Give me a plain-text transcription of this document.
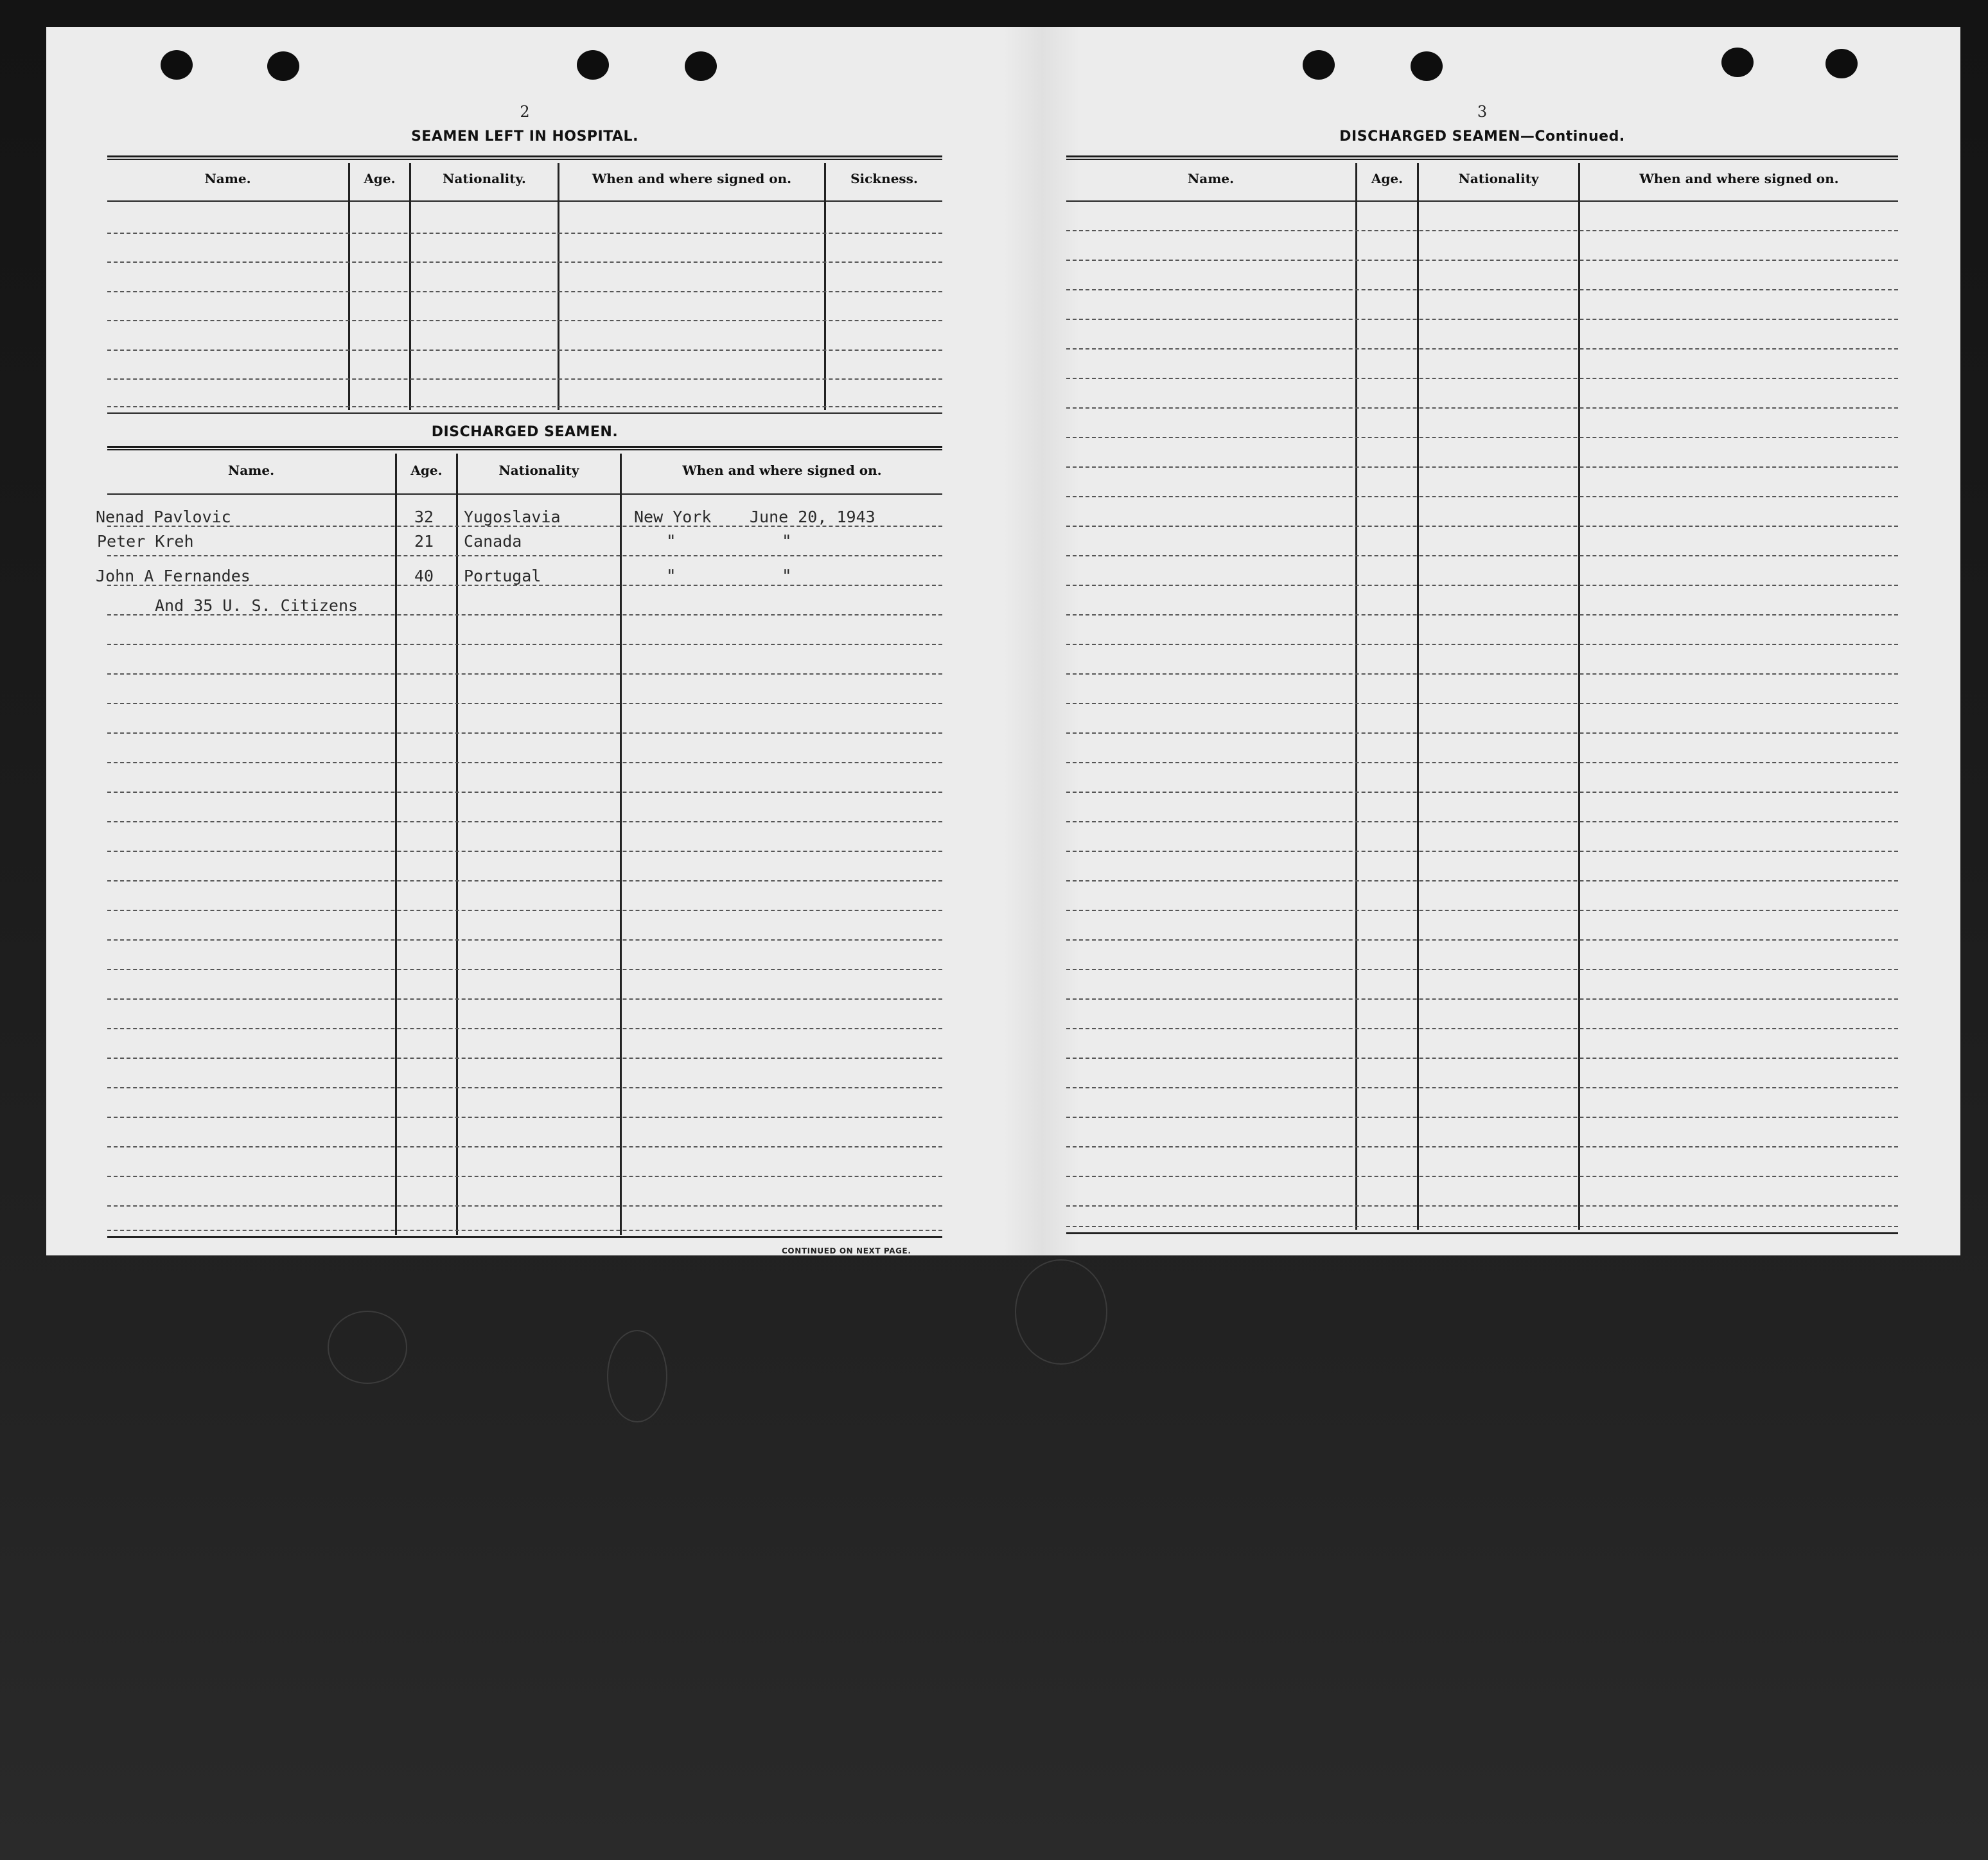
2
SEAMEN LEFT IN HOSPITAL.
Name.	Age.	Nationality.	When and where signed on.	Sickness.
DISCHARGED SEAMEN.
Name.	Age.	Nationality	When and where signed on.
Nenad Pavlovic	32 Yugoslavia	New York June 20, 1943
Peter Kreh	21 Canada	"	"
John A Fernandes	40 Portugal	"	"
And 35 U. S. Citizens
CONTINUED ON NEXT PAGE.
3
DISCHARGED SEAMEN—Continued.
Name.	Age.	Nationality	When and where signed on.
